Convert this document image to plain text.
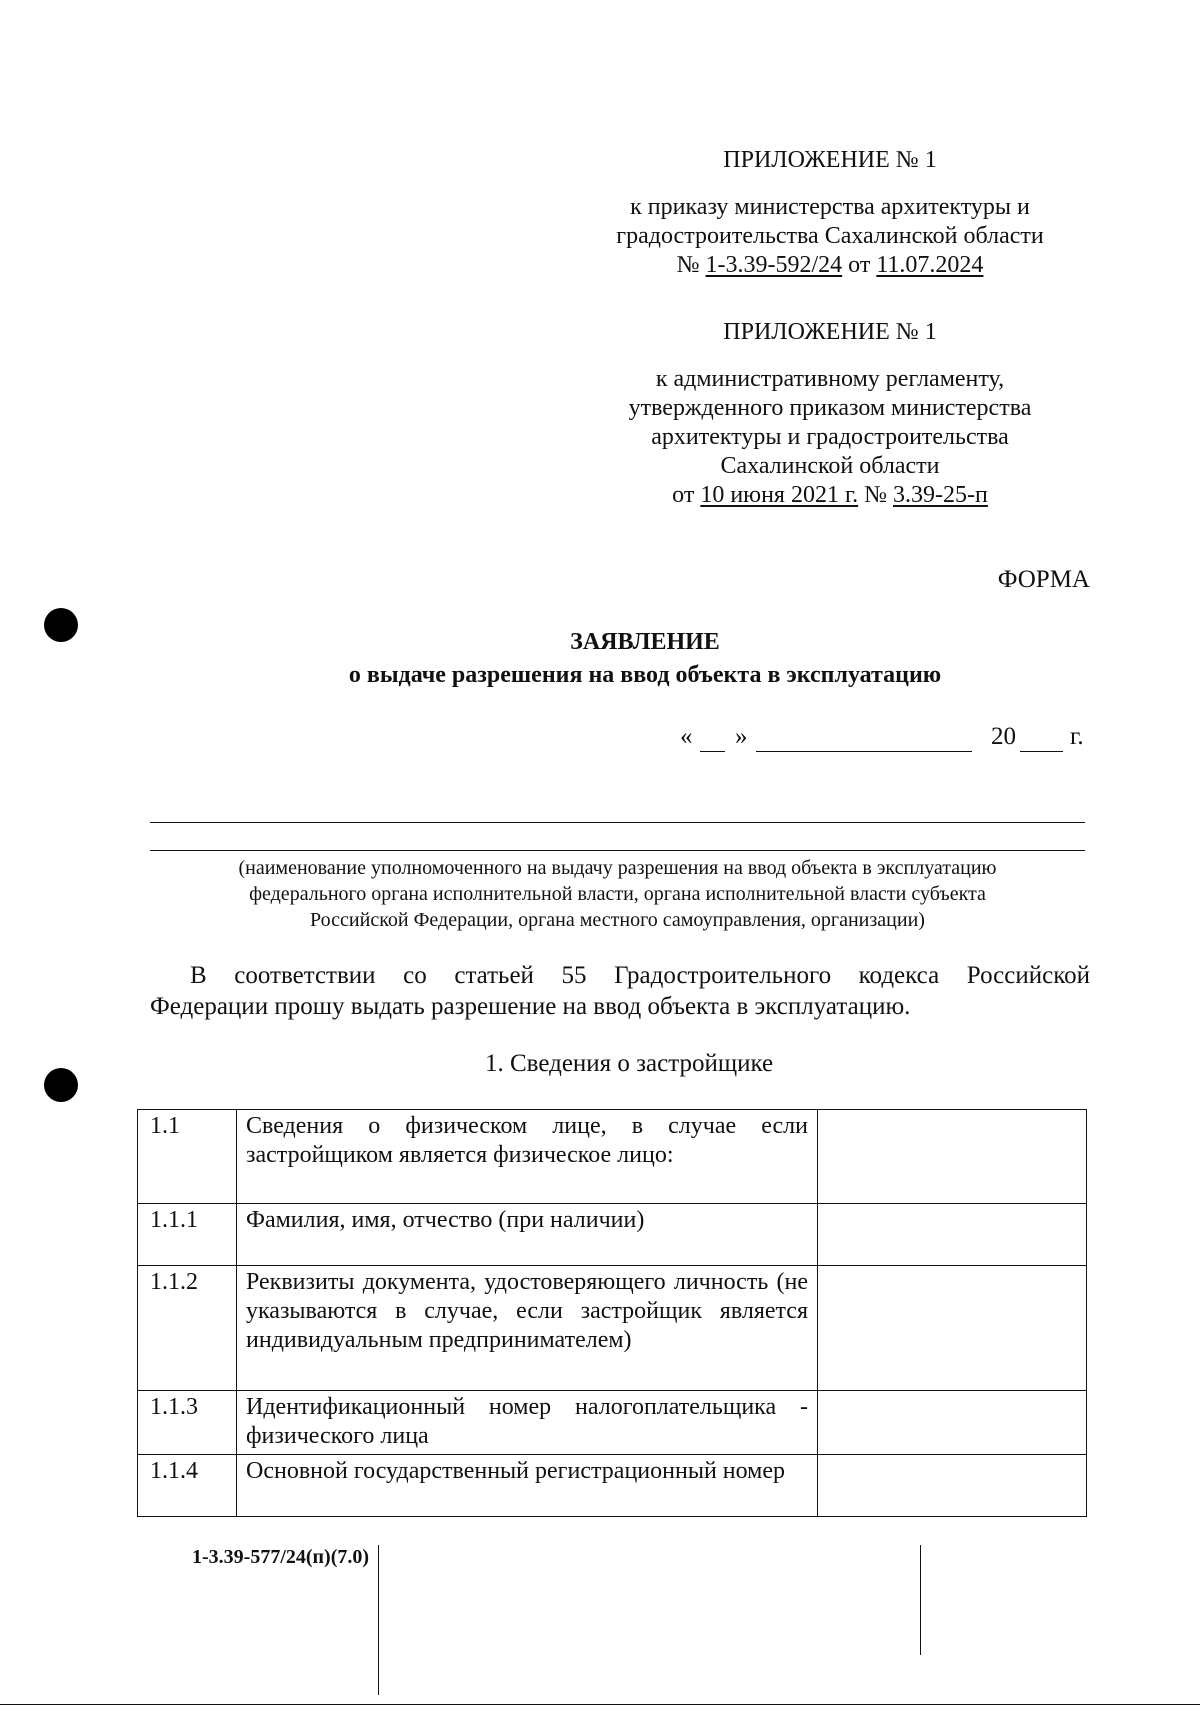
ПРИЛОЖЕНИЕ № 1
к приказу министерства архитектуры и
градостроительства Сахалинской области
№ 1-3.39-592/24 от 11.07.2024
ПРИЛОЖЕНИЕ № 1
к административному регламенту,
утвержденного приказом министерства
архитектуры и градостроительства
Сахалинской области
от 10 июня 2021 г. № 3.39-25-п
ФОРМА
ЗАЯВЛЕНИЕ
о выдаче разрешения на ввод объекта в эксплуатацию
« »	20 г.
(наименование уполномоченного на выдачу разрешения на ввод объекта в эксплуатацию
федерального органа исполнительной власти, органа исполнительной власти субъекта
Российской Федерации, органа местного самоуправления, организации)
В соответствии со статьей 55 Градостроительного кодекса Российской
Федерации прошу выдать разрешение на ввод объекта в эксплуатацию.
1. Сведения о застройщике
1.1	Сведения о физическом лице, в случае если застройщиком является физическое лицо:	
1.1.1	Фамилия, имя, отчество (при наличии)	
1.1.2	Реквизиты документа, удостоверяющего личность (не указываются в случае, если застройщик является индивидуальным предпринимателем)	
1.1.3	Идентификационный номер налогоплательщика - физического лица	
1.1.4	Основной государственный регистрационный номер	
1-3.39-577/24(п)(7.0)
